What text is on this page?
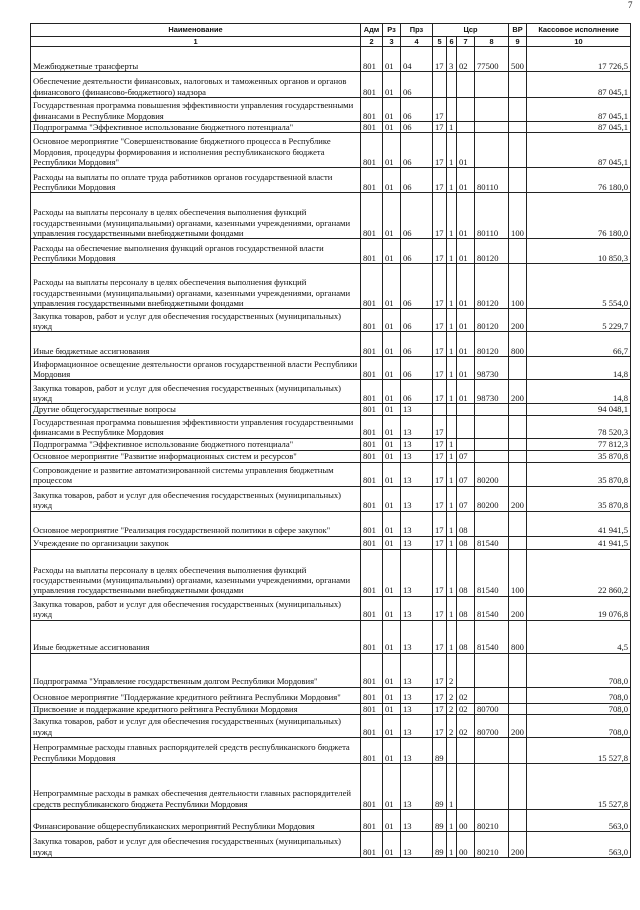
7
Наименование	Адм	Рз	Прз	Цср				ВР	Кассовое исполнение
1	2	3	4	5	6	7	8	9	10
Межбюджетные трансферты	801	01	04	17	3	02	77500	500	17 726,5
Обеспечение деятельности финансовых, налоговых и таможенных органов и органов финансового (финансово-бюджетного) надзора	801	01	06						87 045,1
Государственная программа повышения эффективности управления государственными финансами в Республике Мордовия	801	01	06	17					87 045,1
Подпрограмма "Эффективное использование бюджетного потенциала"	801	01	06	17	1				87 045,1
Основное мероприятие "Совершенствование бюджетного процесса в Республике Мордовия, процедуры формирования и исполнения республиканского бюджета Республики Мордовия"	801	01	06	17	1	01			87 045,1
Расходы на выплаты по оплате труда работников органов государственной власти Республики Мордовия	801	01	06	17	1	01	80110		76 180,0
Расходы на выплаты персоналу в целях обеспечения выполнения функций государственными (муниципальными) органами, казенными учреждениями, органами управления государственными внебюджетными фондами	801	01	06	17	1	01	80110	100	76 180,0
Расходы на обеспечение выполнения функций органов государственной власти Республики Мордовия	801	01	06	17	1	01	80120		10 850,3
Расходы на выплаты персоналу в целях обеспечения выполнения функций государственными (муниципальными) органами, казенными учреждениями, органами управления государственными внебюджетными фондами	801	01	06	17	1	01	80120	100	5 554,0
Закупка товаров, работ и услуг для обеспечения государственных (муниципальных) нужд	801	01	06	17	1	01	80120	200	5 229,7
Иные бюджетные ассигнования	801	01	06	17	1	01	80120	800	66,7
Информационное освещение деятельности органов государственной власти Республики Мордовия	801	01	06	17	1	01	98730		14,8
Закупка товаров, работ и услуг для обеспечения государственных (муниципальных) нужд	801	01	06	17	1	01	98730	200	14,8
Другие общегосударственные вопросы	801	01	13						94 048,1
Государственная программа повышения эффективности управления государственными финансами в Республике Мордовия	801	01	13	17					78 520,3
Подпрограмма "Эффективное использование бюджетного потенциала"	801	01	13	17	1				77 812,3
Основное мероприятие "Развитие информационных систем и ресурсов"	801	01	13	17	1	07			35 870,8
Сопровождение и развитие автоматизированной системы управления бюджетным процессом	801	01	13	17	1	07	80200		35 870,8
Закупка товаров, работ и услуг для обеспечения государственных (муниципальных) нужд	801	01	13	17	1	07	80200	200	35 870,8
Основное мероприятие "Реализация государственной политики в сфере закупок"	801	01	13	17	1	08			41 941,5
Учреждение по организации закупок	801	01	13	17	1	08	81540		41 941,5
Расходы на выплаты персоналу в целях обеспечения выполнения функций государственными (муниципальными) органами, казенными учреждениями, органами управления государственными внебюджетными фондами	801	01	13	17	1	08	81540	100	22 860,2
Закупка товаров, работ и услуг для обеспечения государственных (муниципальных) нужд	801	01	13	17	1	08	81540	200	19 076,8
Иные бюджетные ассигнования	801	01	13	17	1	08	81540	800	4,5
Подпрограмма "Управление государственным долгом Республики Мордовия"	801	01	13	17	2				708,0
Основное мероприятие "Поддержание кредитного рейтинга Республики Мордовия"	801	01	13	17	2	02			708,0
Присвоение и поддержание кредитного рейтинга Республики Мордовия	801	01	13	17	2	02	80700		708,0
Закупка товаров, работ и услуг для обеспечения государственных (муниципальных) нужд	801	01	13	17	2	02	80700	200	708,0
Непрограммные расходы главных распорядителей средств республиканского бюджета Республики Мордовия	801	01	13	89					15 527,8
Непрограммные расходы в рамках обеспечения деятельности главных распорядителей средств республиканского бюджета Республики Мордовия	801	01	13	89	1				15 527,8
Финансирование общереспубликанских мероприятий Республики Мордовия	801	01	13	89	1	00	80210		563,0
Закупка товаров, работ и услуг для обеспечения государственных (муниципальных) нужд	801	01	13	89	1	00	80210	200	563,0
